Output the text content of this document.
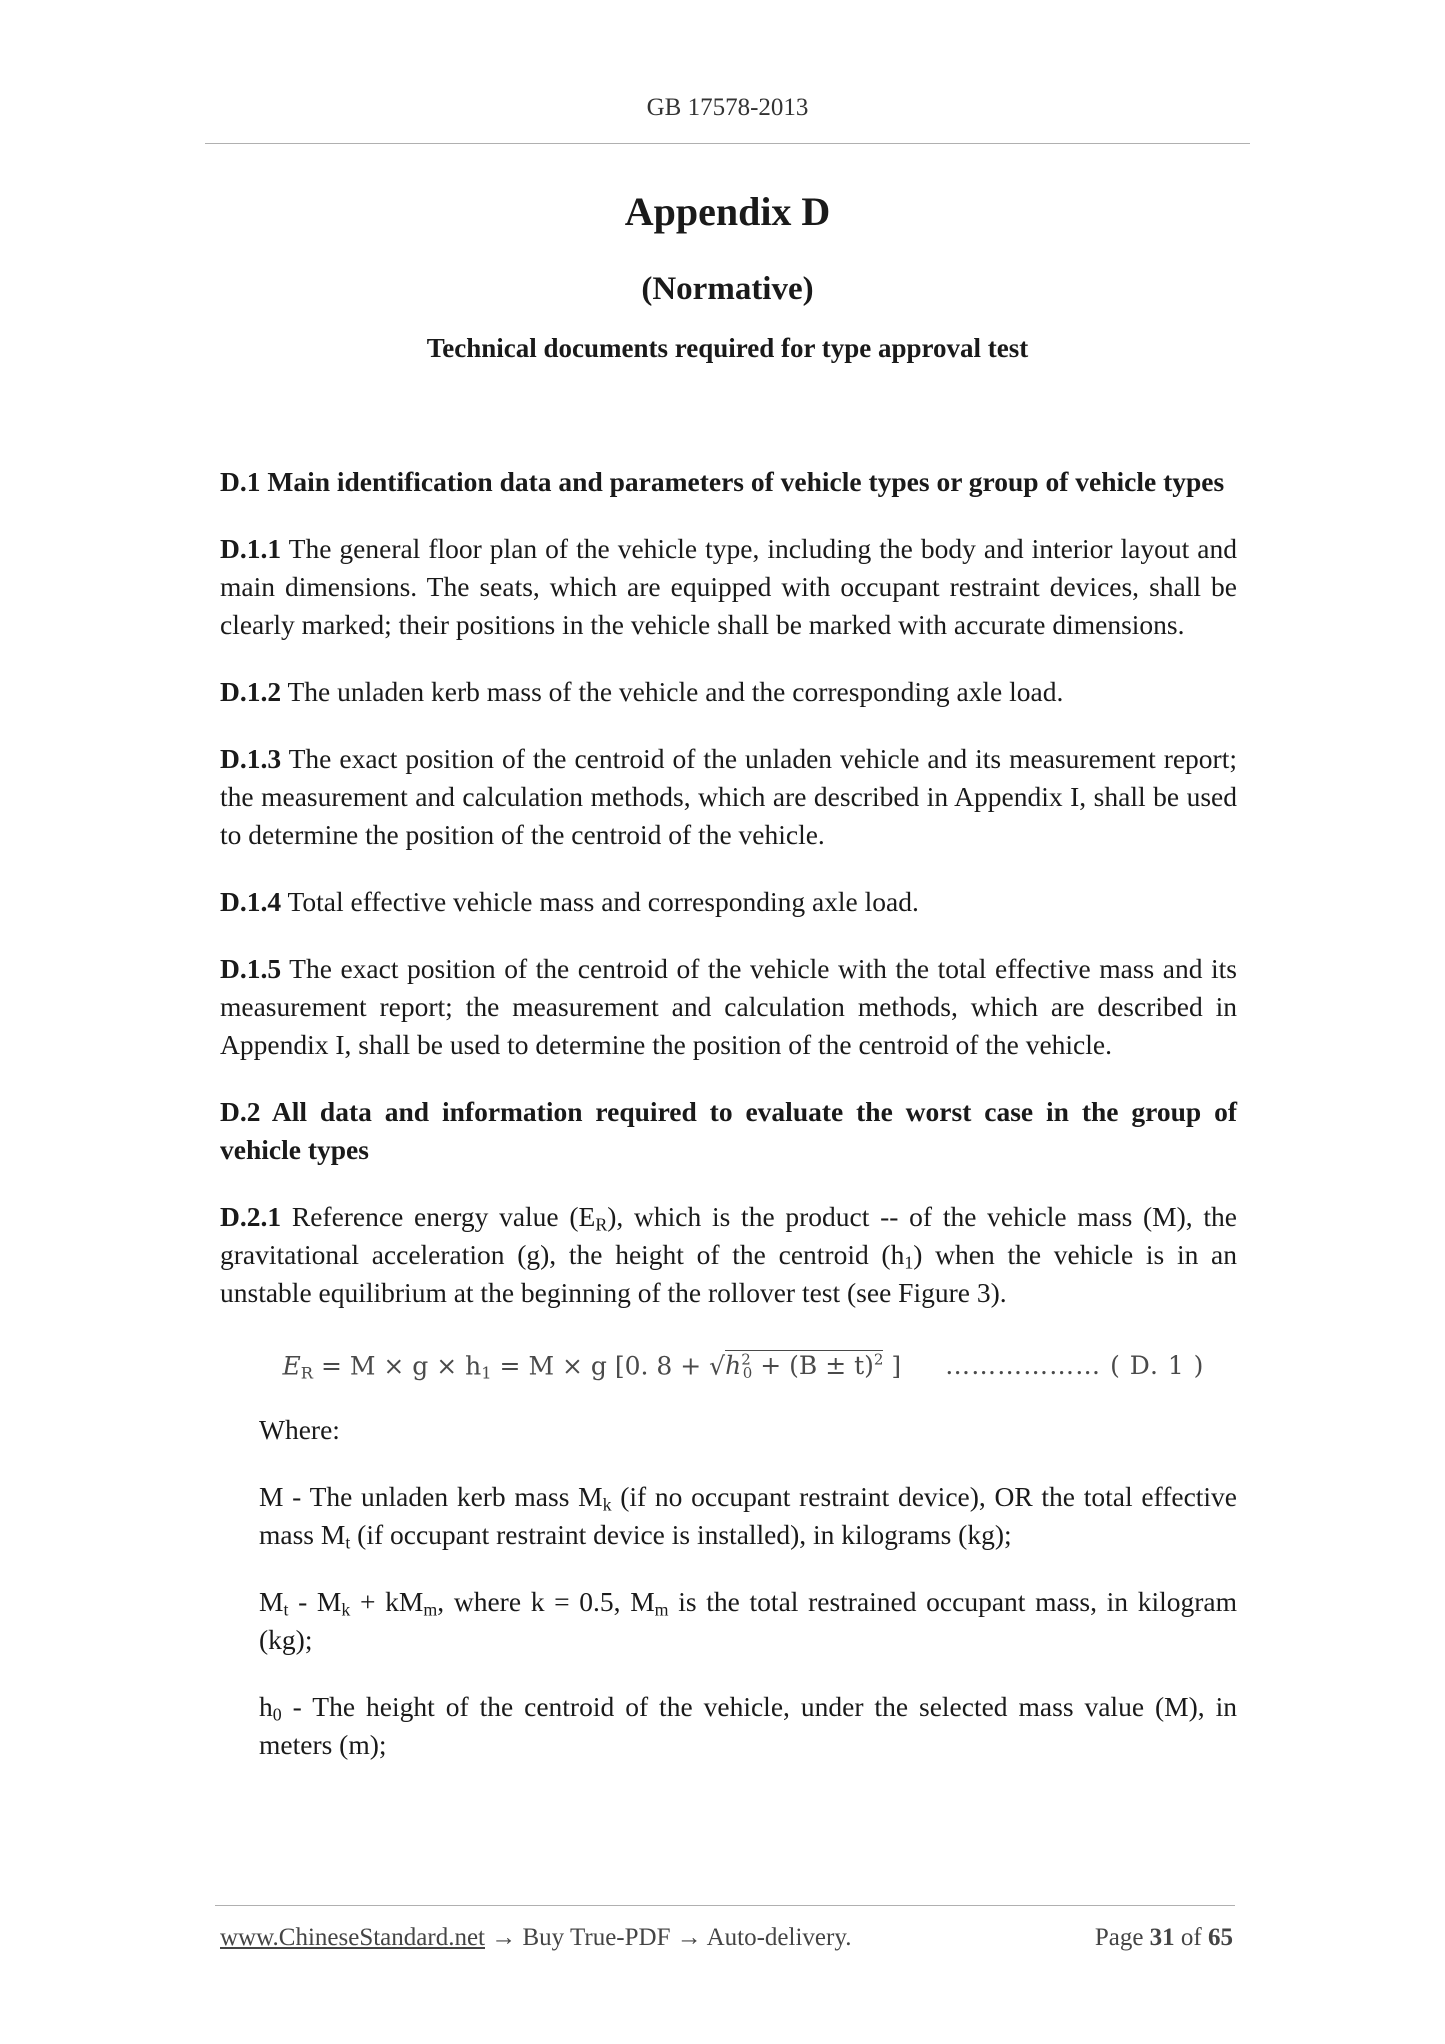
GB 17578-2013
Appendix D
(Normative)
Technical documents required for type approval test

D.1 Main identification data and parameters of vehicle types or group of vehicle types

D.1.1 The general floor plan of the vehicle type, including the body and interior layout and main dimensions. The seats, which are equipped with occupant restraint devices, shall be clearly marked; their positions in the vehicle shall be marked with accurate dimensions.

D.1.2 The unladen kerb mass of the vehicle and the corresponding axle load.

D.1.3 The exact position of the centroid of the unladen vehicle and its measurement report; the measurement and calculation methods, which are described in Appendix I, shall be used to determine the position of the centroid of the vehicle.

D.1.4 Total effective vehicle mass and corresponding axle load.

D.1.5 The exact position of the centroid of the vehicle with the total effective mass and its measurement report; the measurement and calculation methods, which are described in Appendix I, shall be used to determine the position of the centroid of the vehicle.

D.2 All data and information required to evaluate the worst case in the group of vehicle types

D.2.1 Reference energy value $(E_R)$, which is the product -- of the vehicle mass (M), the gravitational acceleration (g), the height of the centroid $(h_1)$ when the vehicle is in an unstable equilibrium at the beginning of the rollover test (see Figure 3).

$E_R = M \times g \times h_1 = M \times g$ [0. $8 + √h^2_0 + (B \pm t)^2$ ] ……………… ( D. 1 )

Where:

M - The unladen kerb mass $M_k$ (if no occupant restraint device), OR the total effective mass $M_t$ (if occupant restraint device is installed), in kilograms (kg);

$M_t - M_k + kM_m$, where k = 0.5, $M_m$ is the total restrained occupant mass, in kilogram (kg);

$h_0$ - The height of the centroid of the vehicle, under the selected mass value (M), in meters (m);

www.ChineseStandard.net → Buy True-PDF → Auto-delivery.	Page 31 of 65
